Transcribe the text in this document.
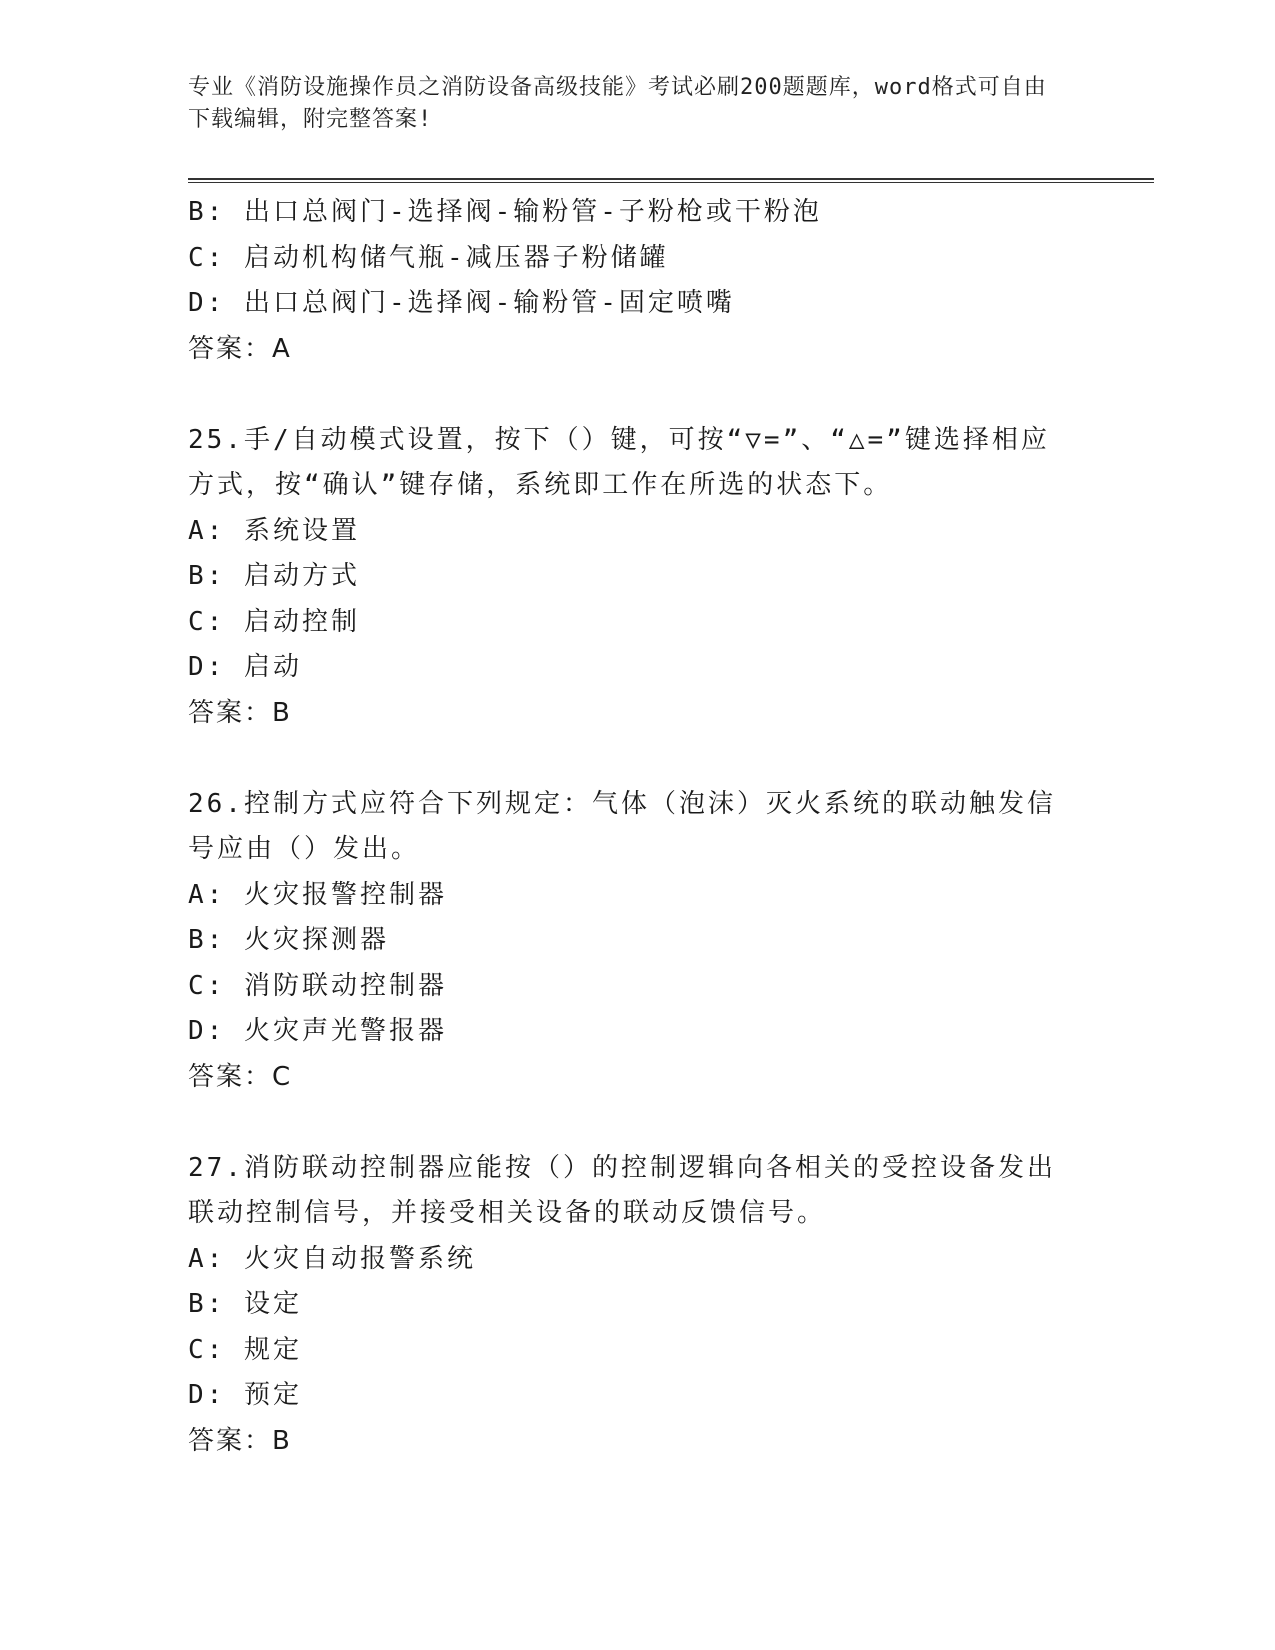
专业《消防设施操作员之消防设备高级技能》考试必刷200题题库，word格式可自由下载编辑，附完整答案!
B: 出口总阀门-选择阀-输粉管-子粉枪或干粉泡
C: 启动机构储气瓶-减压器子粉储罐
D: 出口总阀门-选择阀-输粉管-固定喷嘴
答案：A
25.手/自动模式设置，按下（）键，可按“▽=”、“△=”键选择相应方式，按“确认”键存储，系统即工作在所选的状态下。
A: 系统设置
B: 启动方式
C: 启动控制
D: 启动
答案：B
26.控制方式应符合下列规定：气体（泡沫）灭火系统的联动触发信号应由（）发出。
A: 火灾报警控制器
B: 火灾探测器
C: 消防联动控制器
D: 火灾声光警报器
答案：C
27.消防联动控制器应能按（）的控制逻辑向各相关的受控设备发出联动控制信号，并接受相关设备的联动反馈信号。
A: 火灾自动报警系统
B: 设定
C: 规定
D: 预定
答案：B
